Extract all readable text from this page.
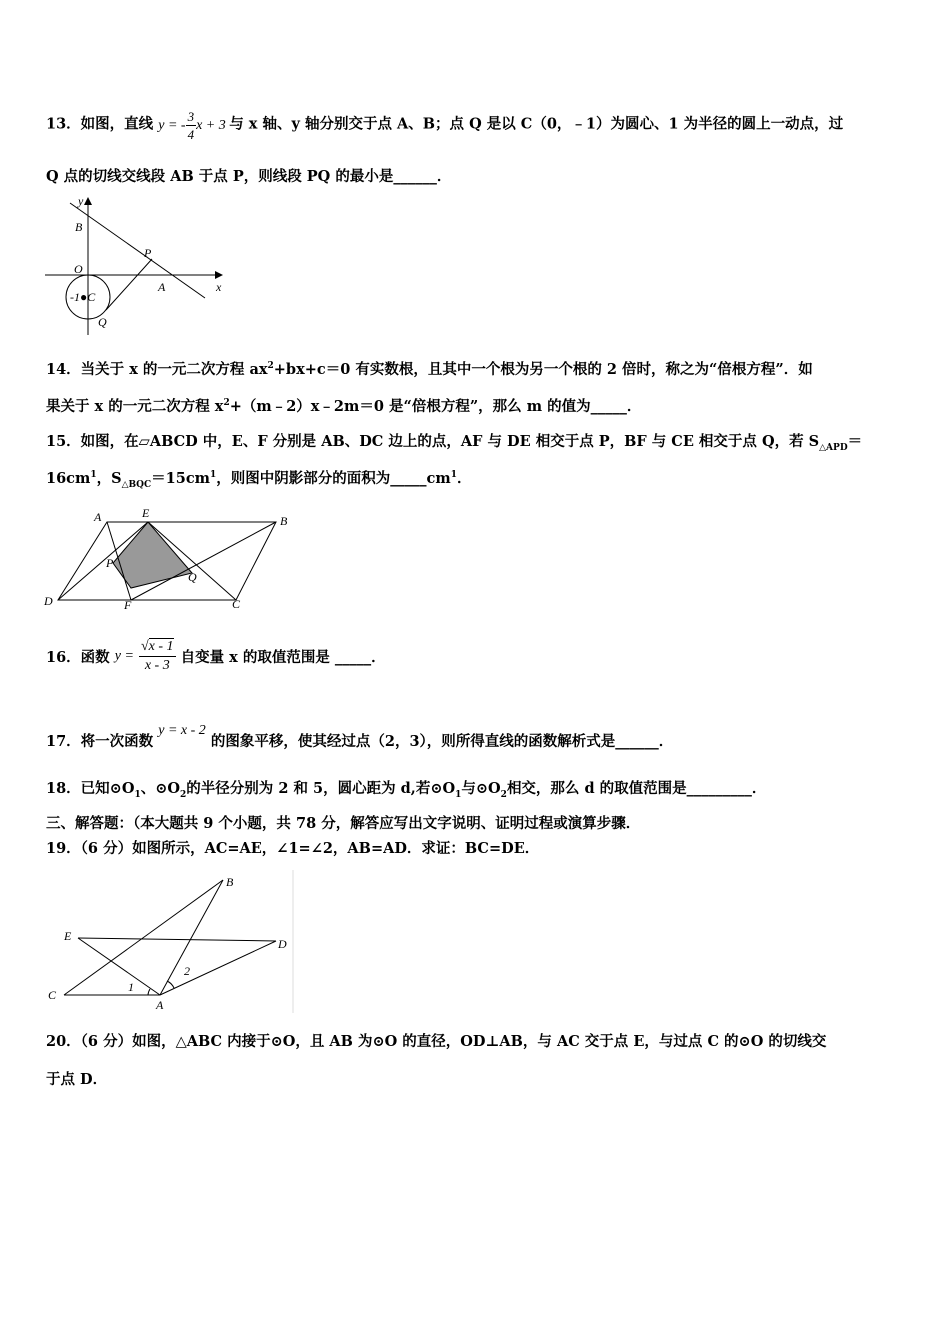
13．如图，直线 y = - $\frac{3}{4}$ x + 3 与 x 轴、y 轴分别交于点 A、B；点 Q 是以 C（0，﹣1）为圆心、1 为半径的圆上一动点，过
Q 点的切线交线段 AB 于点 P，则线段 PQ 的最小是______．
y
x
B
O
P
A
-1●C
Q
14．当关于 x 的一元二次方程 $ax^2+bx+c=0$ 有实数根，且其中一个根为另一个根的 2 倍时，称之为“倍根方程”．如
果关于 x 的一元二次方程 $x^2+(m﹣2)x﹣2m=0$ 是“倍根方程”，那么 m 的值为_____．
15．如图，在▱ABCD 中，E、F 分别是 AB、DC 边上的点，AF 与 DE 相交于点 P，BF 与 CE 相交于点 Q，若 $S_{\triangle APD}=$
$16cm^1$，$S_{\triangle BQC}=15cm^1$，则图中阴影部分的面积为$\_\_\_\_\_cm^1$．
A	E
B
P
Q
D	F	C
16．函数 $y = \frac{√x - 1}{x - 3}$ 自变量 x 的取值范围是 _____．
17．将一次函数 y = x - 2 的图象平移，使其经过点（2，3），则所得直线的函数解析式是______．
18．已知$⊙O_1$、$⊙O_2$的半径分别为 2 和 5，圆心距为 d,若$⊙O_1$与$⊙O_2$相交，那么 d 的取值范围是_________．
三、解答题：（本大题共 9 个小题，共 78 分，解答应写出文字说明、证明过程或演算步骤．
19．（6 分）如图所示，AC=AE，∠1=∠2，AB=AD．求证：BC=DE．
B
E
D
C
A
1
2
20．（6 分）如图，△ABC 内接于⊙O，且 AB 为⊙O 的直径，OD⊥AB，与 AC 交于点 E，与过点 C 的⊙O 的切线交
于点 D．
